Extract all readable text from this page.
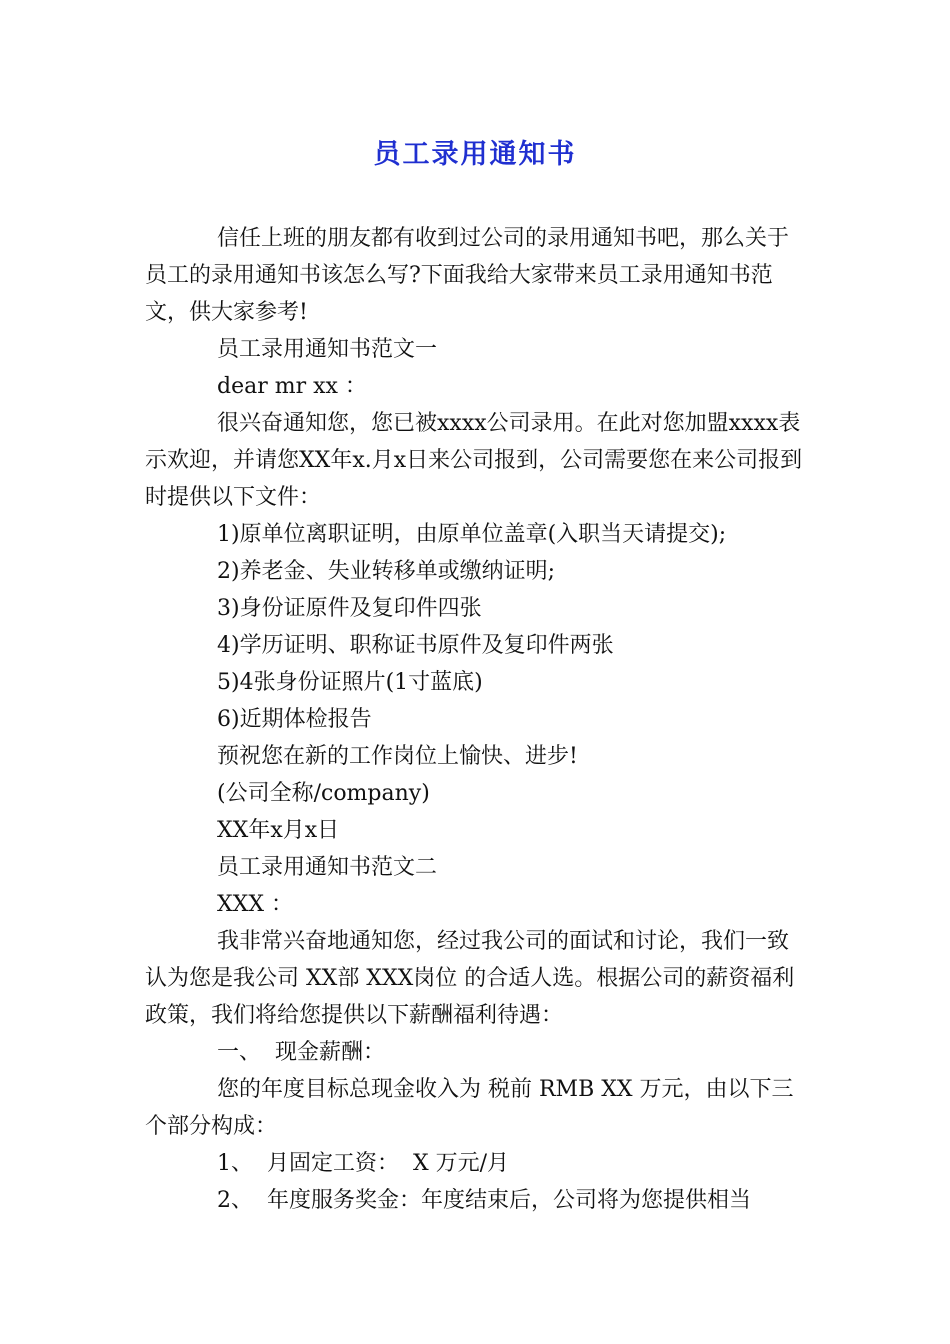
员工录用通知书

信任上班的朋友都有收到过公司的录用通知书吧，那么关于员工的录用通知书该怎么写?下面我给大家带来员工录用通知书范文，供大家参考!

员工录用通知书范文一

dear mr xx ：

很兴奋通知您，您已被xxxx公司录用。在此对您加盟xxxx表示欢迎，并请您XX年x.月x日来公司报到，公司需要您在来公司报到时提供以下文件：

1)原单位离职证明，由原单位盖章(入职当天请提交);

2)养老金、失业转移单或缴纳证明;

3)身份证原件及复印件四张

4)学历证明、职称证书原件及复印件两张

5)4张身份证照片(1寸蓝底)

6)近期体检报告

预祝您在新的工作岗位上愉快、进步!

(公司全称/company)

XX年x月x日

员工录用通知书范文二

XXX ：

我非常兴奋地通知您，经过我公司的面试和讨论，我们一致认为您是我公司 XX部 XXX岗位 的合适人选。根据公司的薪资福利政策，我们将给您提供以下薪酬福利待遇：

一、  现金薪酬：

您的年度目标总现金收入为 税前 RMB XX 万元，由以下三个部分构成：

1、  月固定工资：  X 万元/月

2、  年度服务奖金：年度结束后，公司将为您提供相当
